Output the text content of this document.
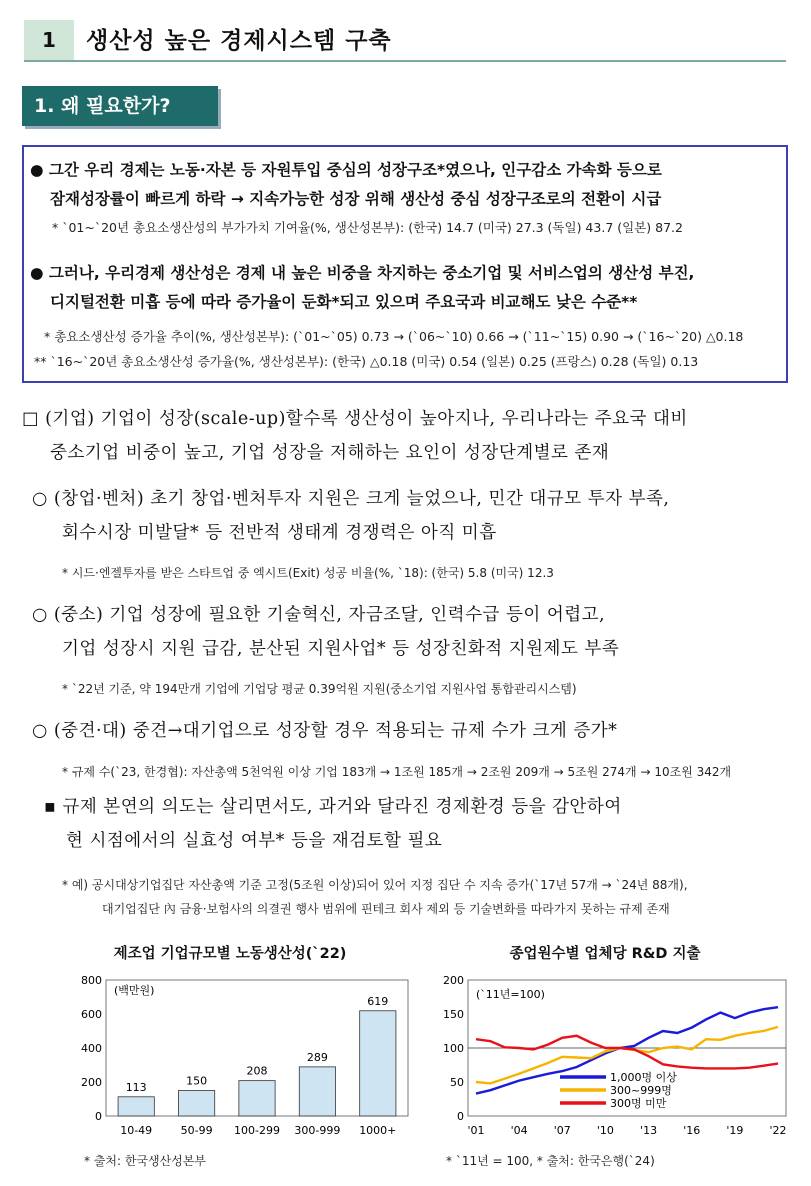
1	생산성 높은 경제시스템 구축
1. 왜 필요한가?
● 그간 우리 경제는 노동·자본 등 자원투입 중심의 성장구조*였으나, 인구감소 가속화 등으로
잠재성장률이 빠르게 하락 → 지속가능한 성장 위해 생산성 중심 성장구조로의 전환이 시급
* `01~`20년 총요소생산성의 부가가치 기여율(%, 생산성본부): (한국) 14.7 (미국) 27.3 (독일) 43.7 (일본) 87.2
● 그러나, 우리경제 생산성은 경제 내 높은 비중을 차지하는 중소기업 및 서비스업의 생산성 부진,
디지털전환 미흡 등에 따라 증가율이 둔화*되고 있으며 주요국과 비교해도 낮은 수준**
* 총요소생산성 증가율 추이(%, 생산성본부): (`01~`05) 0.73 → (`06~`10) 0.66 → (`11~`15) 0.90 → (`16~`20) △0.18
** `16~`20년 총요소생산성 증가율(%, 생산성본부): (한국) △0.18 (미국) 0.54 (일본) 0.25 (프랑스) 0.28 (독일) 0.13
□ (기업) 기업이 성장(scale-up)할수록 생산성이 높아지나, 우리나라는 주요국 대비
중소기업 비중이 높고, 기업 성장을 저해하는 요인이 성장단계별로 존재
○ (창업·벤처) 초기 창업·벤처투자 지원은 크게 늘었으나, 민간 대규모 투자 부족,
회수시장 미발달* 등 전반적 생태계 경쟁력은 아직 미흡
* 시드·엔젤투자를 받은 스타트업 중 엑시트(Exit) 성공 비율(%, `18): (한국) 5.8 (미국) 12.3
○ (중소) 기업 성장에 필요한 기술혁신, 자금조달, 인력수급 등이 어렵고,
기업 성장시 지원 급감, 분산된 지원사업* 등 성장친화적 지원제도 부족
* `22년 기준, 약 194만개 기업에 기업당 평균 0.39억원 지원(중소기업 지원사업 통합관리시스템)
○ (중견·대) 중견→대기업으로 성장할 경우 적용되는 규제 수가 크게 증가*
* 규제 수(`23, 한경협): 자산총액 5천억원 이상 기업 183개 → 1조원 185개 → 2조원 209개 → 5조원 274개 → 10조원 342개
▪ 규제 본연의 의도는 살리면서도, 과거와 달라진 경제환경 등을 감안하여
현 시점에서의 실효성 여부* 등을 재검토할 필요
* 예) 공시대상기업집단 자산총액 기준 고정(5조원 이상)되어 있어 지정 집단 수 지속 증가(`17년 57개 → `24년 88개),
대기업집단 內 금융·보험사의 의결권 행사 범위에 핀테크 회사 제외 등 기술변화를 따라가지 못하는 규제 존재
제조업 기업규모별 노동생산성(`22)
0
200
400
600
800
113
10-49
150
50-99
208
100-299
289
300-999
619
1000+
(백만원)
* 출처: 한국생산성본부
종업원수별 업체당 R&D 지출
0
50
100
150
200
'01 '04 '07 '10 '13 '16 '19 '22
(`11년=100)
1,000명 이상
300~999명
300명 미만
* `11년 = 100, * 출처: 한국은행(`24)
